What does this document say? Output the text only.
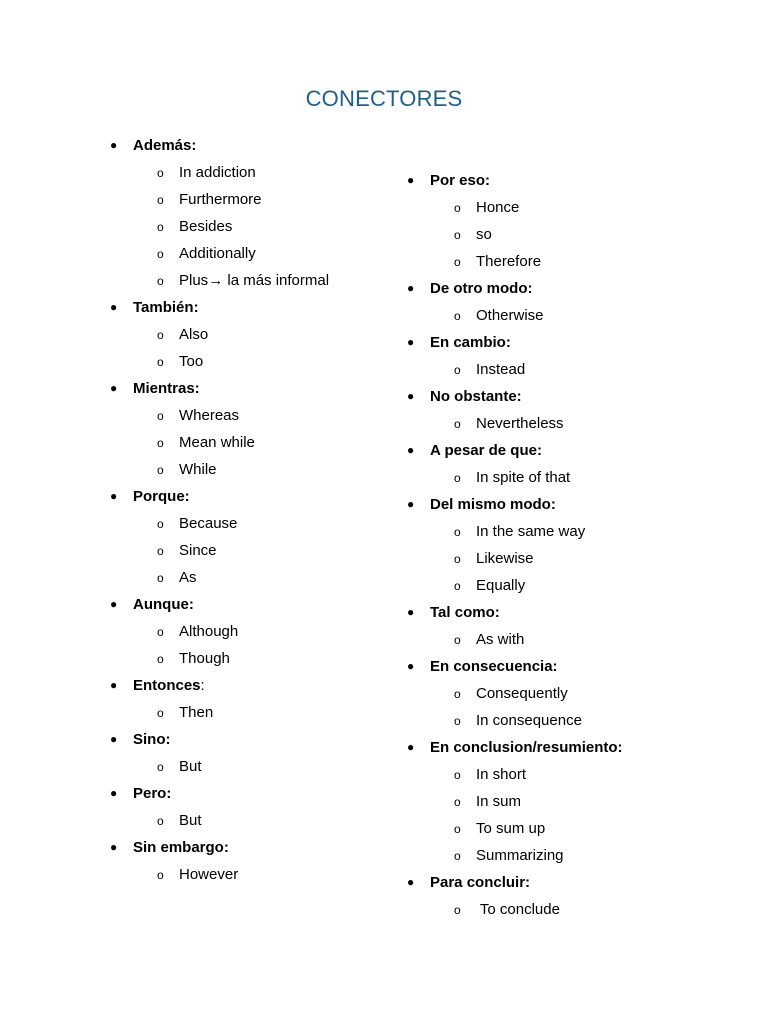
CONECTORES
● Además:
o In addiction
o Furthermore
o Besides
o Additionally
o Plus→ la más informal
● También:
o Also
o Too
● Mientras:
o Whereas
o Mean while
o While
● Porque:
o Because
o Since
o As
● Aunque:
o Although
o Though
● Entonces:
o Then
● Sino:
o But
● Pero:
o But
● Sin embargo:
o However
● Por eso:
o Honce
o so
o Therefore
● De otro modo:
o Otherwise
● En cambio:
o Instead
● No obstante:
o Nevertheless
● A pesar de que:
o In spite of that
● Del mismo modo:
o In the same way
o Likewise
o Equally
● Tal como:
o As with
● En consecuencia:
o Consequently
o In consequence
● En conclusion/resumiento:
o In short
o In sum
o To sum up
o Summarizing
● Para concluir:
o To conclude
